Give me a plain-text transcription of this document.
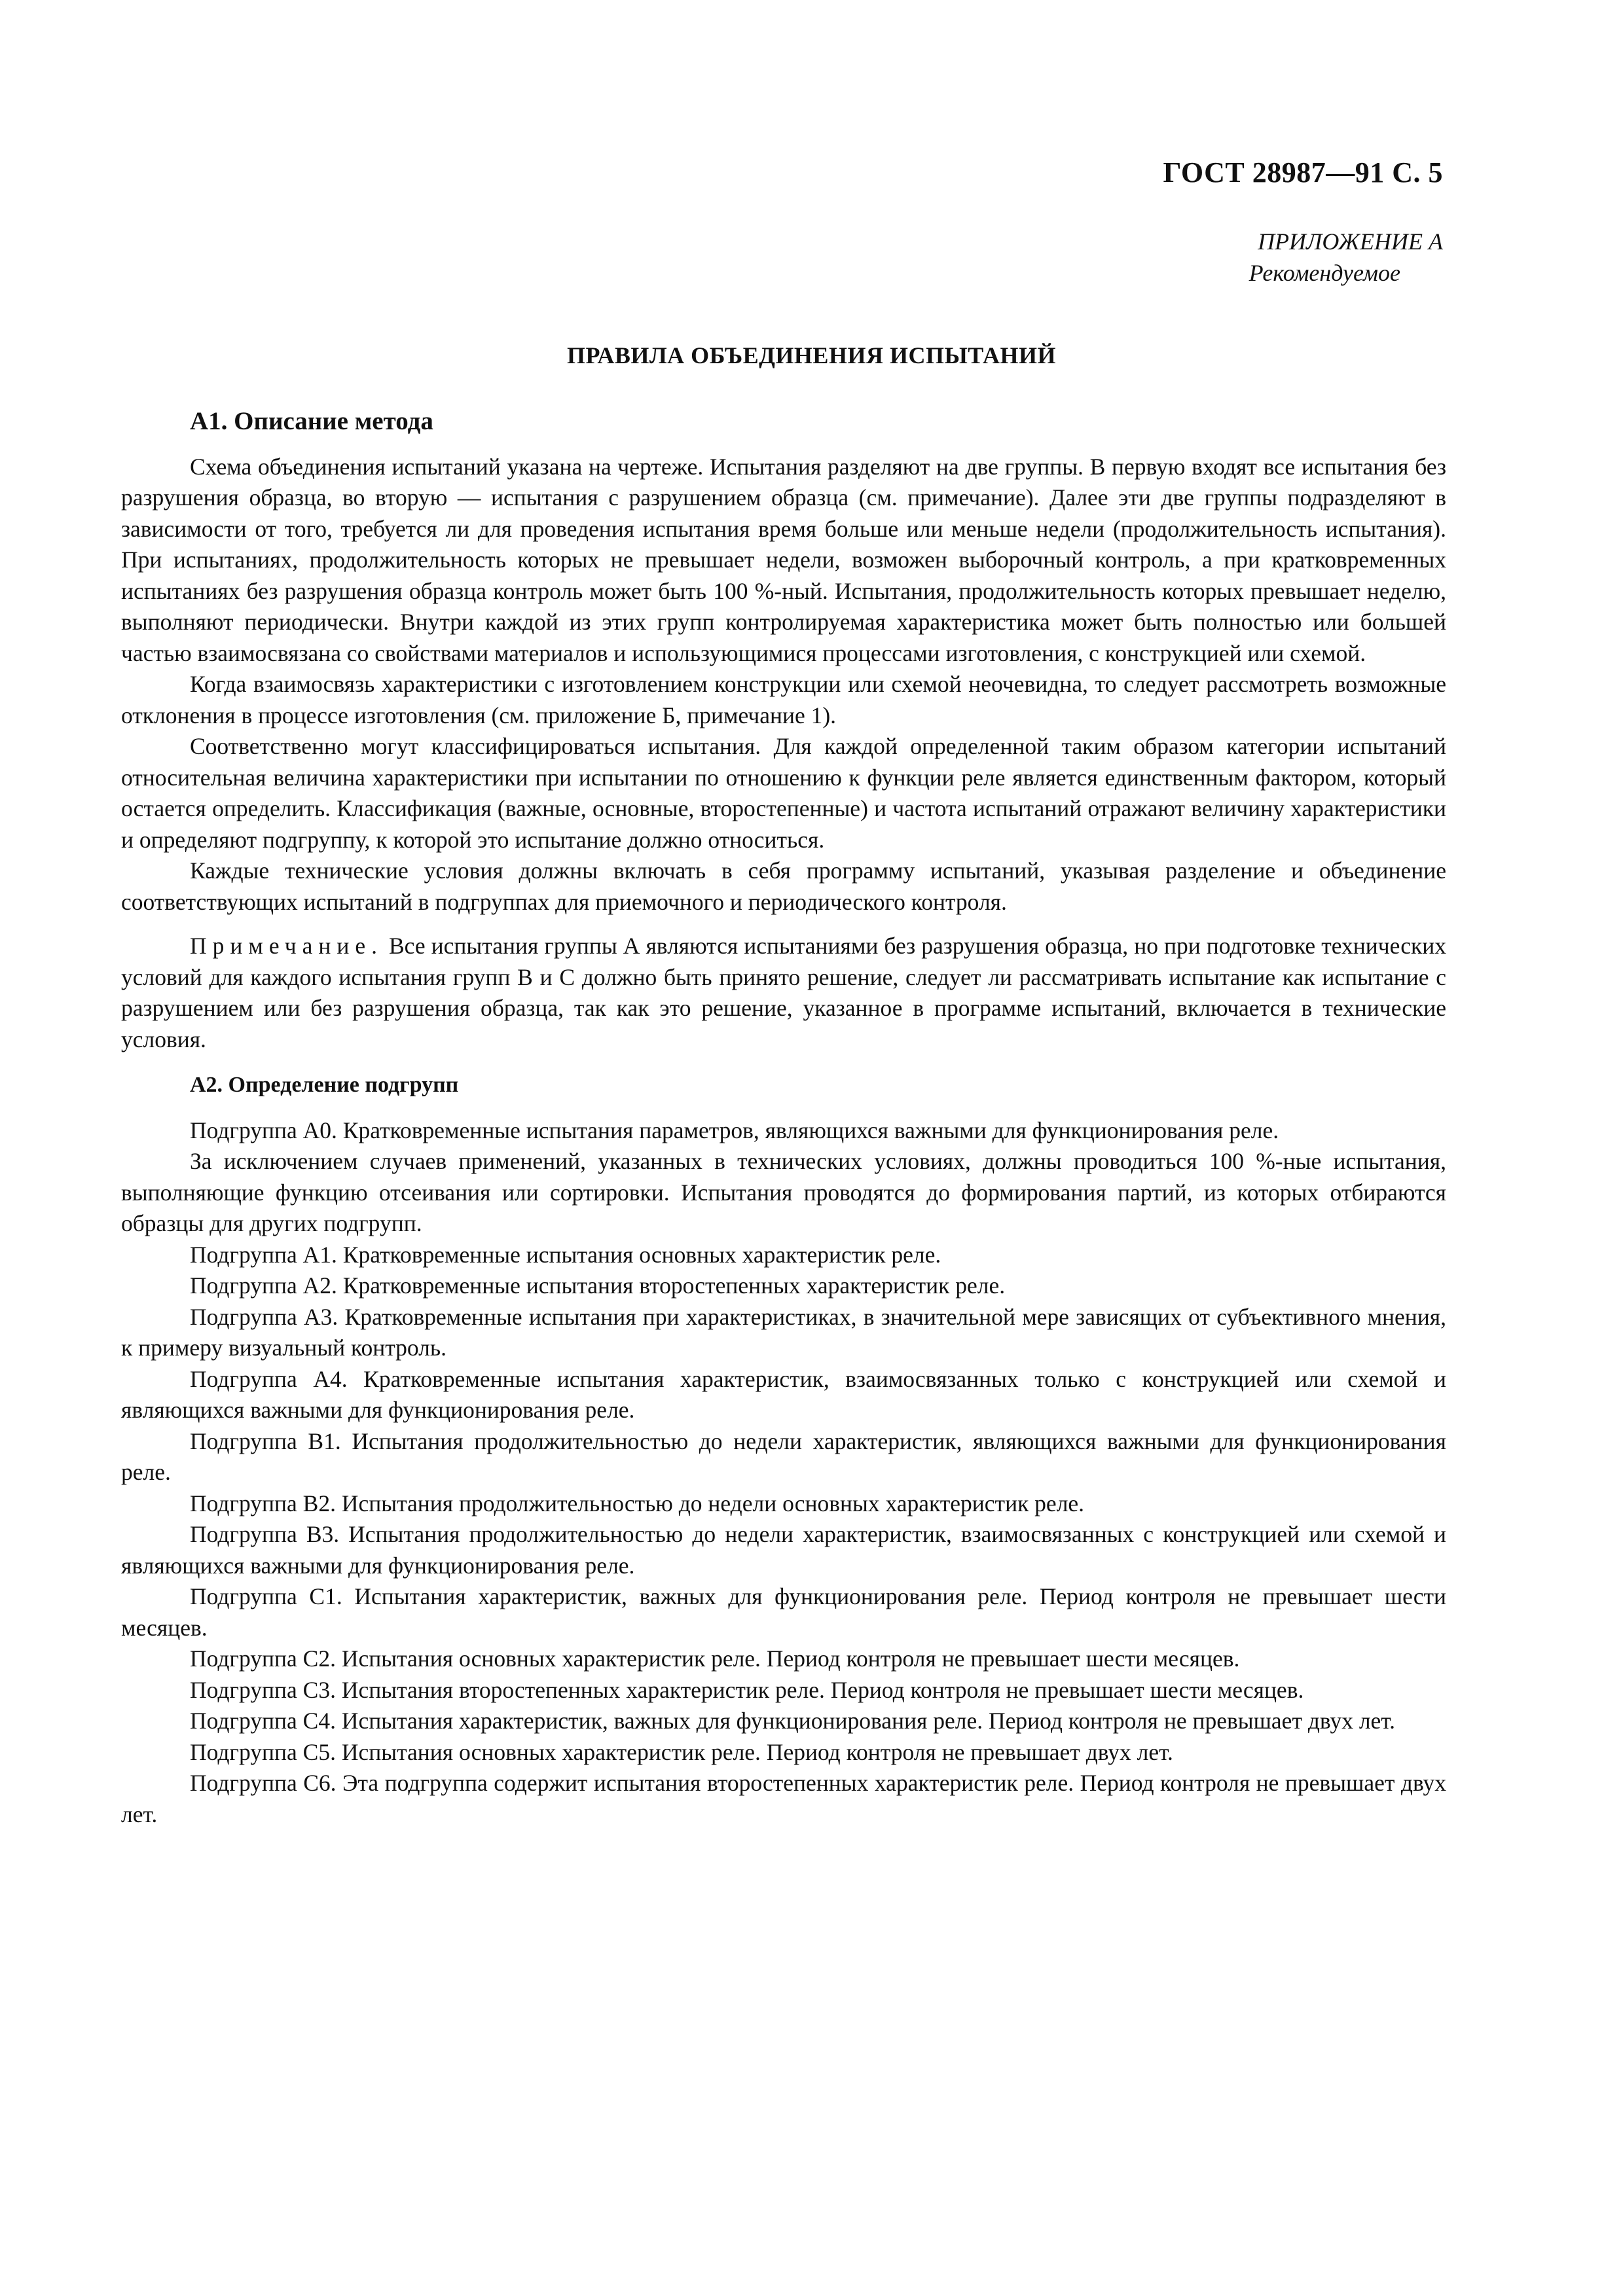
ГОСТ 28987—91 С. 5
ПРИЛОЖЕНИЕ А
Рекомендуемое
ПРАВИЛА ОБЪЕДИНЕНИЯ ИСПЫТАНИЙ
А1. Описание метода

Схема объединения испытаний указана на чертеже. Испытания разделяют на две группы. В первую входят все испытания без разрушения образца, во вторую — испытания с разрушением образца (см. примечание). Далее эти две группы подразделяют в зависимости от того, требуется ли для проведения испытания время больше или меньше недели (продолжительность испытания). При испытаниях, продолжительность которых не превышает недели, возможен выборочный контроль, а при кратковременных испытаниях без разрушения образца контроль может быть 100 %-ный. Испытания, продолжительность которых превышает неделю, выполняют периодически. Внутри каждой из этих групп контролируемая характеристика может быть полностью или большей частью взаимосвязана со свойствами материалов и использующимися процессами изготовления, с конструкцией или схемой.

Когда взаимосвязь характеристики с изготовлением конструкции или схемой неочевидна, то следует рассмотреть возможные отклонения в процессе изготовления (см. приложение Б, примечание 1).

Соответственно могут классифицироваться испытания. Для каждой определенной таким образом категории испытаний относительная величина характеристики при испытании по отношению к функции реле является единственным фактором, который остается определить. Классификация (важные, основные, второстепенные) и частота испытаний отражают величину характеристики и определяют подгруппу, к которой это испытание должно относиться.

Каждые технические условия должны включать в себя программу испытаний, указывая разделение и объединение соответствующих испытаний в подгруппах для приемочного и периодического контроля.

Примечание. Все испытания группы А являются испытаниями без разрушения образца, но при подготовке технических условий для каждого испытания групп В и С должно быть принято решение, следует ли рассматривать испытание как испытание с разрушением или без разрушения образца, так как это решение, указанное в программе испытаний, включается в технические условия.

А2. Определение подгрупп

Подгруппа А0. Кратковременные испытания параметров, являющихся важными для функционирования реле.

За исключением случаев применений, указанных в технических условиях, должны проводиться 100 %-ные испытания, выполняющие функцию отсеивания или сортировки. Испытания проводятся до формирования партий, из которых отбираются образцы для других подгрупп.

Подгруппа А1. Кратковременные испытания основных характеристик реле.

Подгруппа А2. Кратковременные испытания второстепенных характеристик реле.

Подгруппа А3. Кратковременные испытания при характеристиках, в значительной мере зависящих от субъективного мнения, к примеру визуальный контроль.

Подгруппа А4. Кратковременные испытания характеристик, взаимосвязанных только с конструкцией или схемой и являющихся важными для функционирования реле.

Подгруппа В1. Испытания продолжительностью до недели характеристик, являющихся важными для функционирования реле.

Подгруппа В2. Испытания продолжительностью до недели основных характеристик реле.

Подгруппа В3. Испытания продолжительностью до недели характеристик, взаимосвязанных с конструкцией или схемой и являющихся важными для функционирования реле.

Подгруппа С1. Испытания характеристик, важных для функционирования реле. Период контроля не превышает шести месяцев.

Подгруппа С2. Испытания основных характеристик реле. Период контроля не превышает шести месяцев.

Подгруппа С3. Испытания второстепенных характеристик реле. Период контроля не превышает шести месяцев.

Подгруппа С4. Испытания характеристик, важных для функционирования реле. Период контроля не превышает двух лет.

Подгруппа С5. Испытания основных характеристик реле. Период контроля не превышает двух лет.

Подгруппа С6. Эта подгруппа содержит испытания второстепенных характеристик реле. Период контроля не превышает двух лет.
